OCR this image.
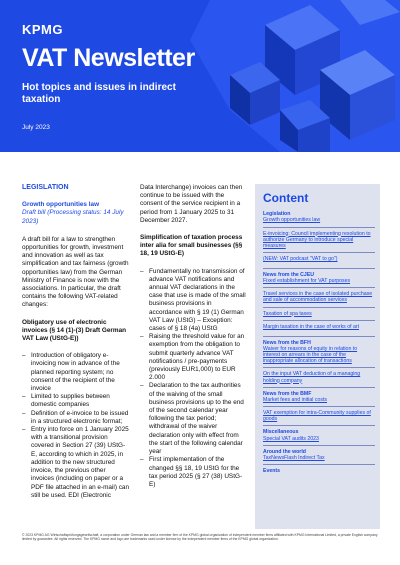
KPMG
VAT Newsletter
Hot topics and issues in indirect taxation
July 2023

LEGISLATION

Growth opportunities law

Draft bill (Processing status: 14 July 2023)

A draft bill for a law to strengthen opportunities for growth, investment and innovation as well as tax simplification and tax fairness (growth opportunities law) from the German Ministry of Finance is now with the associations. In particular, the draft contains the following VAT-related changes:

Obligatory use of electronic invoices (§ 14 (1)-(3) Draft German VAT Law (UStG-E))

– Introduction of obligatory e-invoicing now in advance of the planned reporting system; no consent of the recipient of the invoice
– Limited to supplies between domestic companies
– Definition of e-invoice to be issued in a structured electronic format;
– Entry into force on 1 January 2025 with a transitional provision covered in Section 27 (39) UStG-E, according to which in 2025, in addition to the new structured invoice, the previous other invoices (including on paper or a PDF file attached in an e-mail) can still be used. EDI (Electronic

Data Interchange) invoices can then continue to be issued with the consent of the service recipient in a period from 1 January 2025 to 31 December 2027.

Simplification of taxation process inter alia for small businesses (§§ 18, 19 UStG-E)

– Fundamentally no transmission of advance VAT notifications and annual VAT declarations in the case that use is made of the small business provisions in accordance with § 19 (1) German VAT Law (UStG) – Exception: cases of § 18 (4a) UStG
– Raising the threshold value for an exemption from the obligation to submit quarterly advance VAT notifications / pre-payments (previously EUR1,000) to EUR 2.000
– Declaration to the tax authorities of the waiving of the small business provisions up to the end of the second calendar year following the tax period; withdrawal of the waiver declaration only with effect from the start of the following calendar year
– First implementation of the changed §§ 18, 19 UStG for the tax period 2025 (§ 27 (38) UStG-E)
Content
Legislation
Growth opportunities law
E-invoicing: Council implementing resolution to authorize Germany to introduce special measures
(NEW: VAT podcast "VAT to go")
News from the CJEU
Fixed establishment for VAT purposes
Travel services in the case of isolated purchase and sale of accommodation services
Taxation of spa taxes
Margin taxation in the case of works of art
News from the BFH
Waiver for reasons of equity in relation to interest on arrears in the case of the inappropriate allocation of transactions
On the input VAT deduction of a managing holding company
News from the BMF
Market fees and initial costs
VAT exemption for intra-Community supplies of goods
Miscellaneous
Special VAT audits 2023
Around the world
TaxNewsFlash Indirect Tax
Events
© 2023 KPMG AG Wirtschaftsprüfungsgesellschaft, a corporation under German law and a member firm of the KPMG global organization of independent member firms affiliated with KPMG International Limited, a private English company limited by guarantee. All rights reserved. The KPMG name and logo are trademarks used under license by the independent member firms of the KPMG global organization.
